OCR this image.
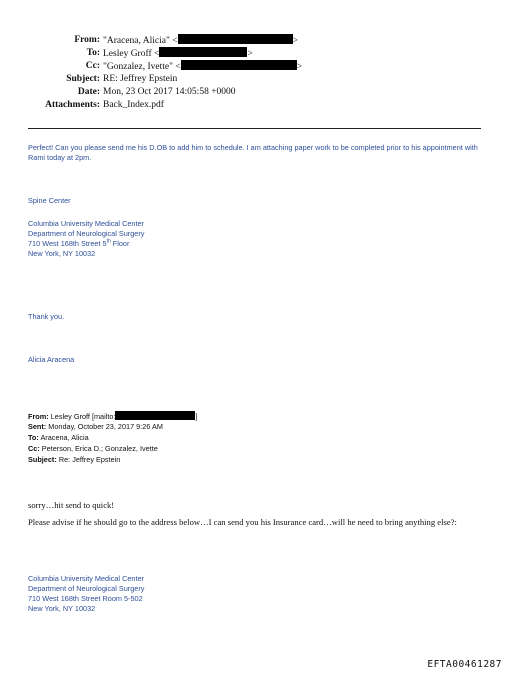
From: "Aracena, Alicia" <	>
To: Lesley Groff <	>
Cc: "Gonzalez, Ivette" <	>
Subject: RE: Jeffrey Epstein
Date: Mon, 23 Oct 2017 14:05:58 +0000
Attachments: Back_Index.pdf
Perfect! Can you please send me his D.OB to add him to schedule. I am attaching paper work to be completed prior to his appointment with Rami today at 2pm.
Spine Center
Columbia University Medical Center
Department of Neurological Surgery
710 West 168th Street 5th Floor
New York, NY 10032
Thank you.
Alicia Aracena
From: Lesley Groff [mailto:	]
Sent: Monday, October 23, 2017 9:26 AM
To: Aracena, Alicia
Cc: Peterson, Erica D.; Gonzalez, Ivette
Subject: Re: Jeffrey Epstein
sorry…hit send to quick!
Please advise if he should go to the address below…I can send you his Insurance card…will he need to bring anything else?:
Columbia University Medical Center
Department of Neurological Surgery
710 West 168th Street Room 5-502
New York, NY 10032
EFTA00461287
